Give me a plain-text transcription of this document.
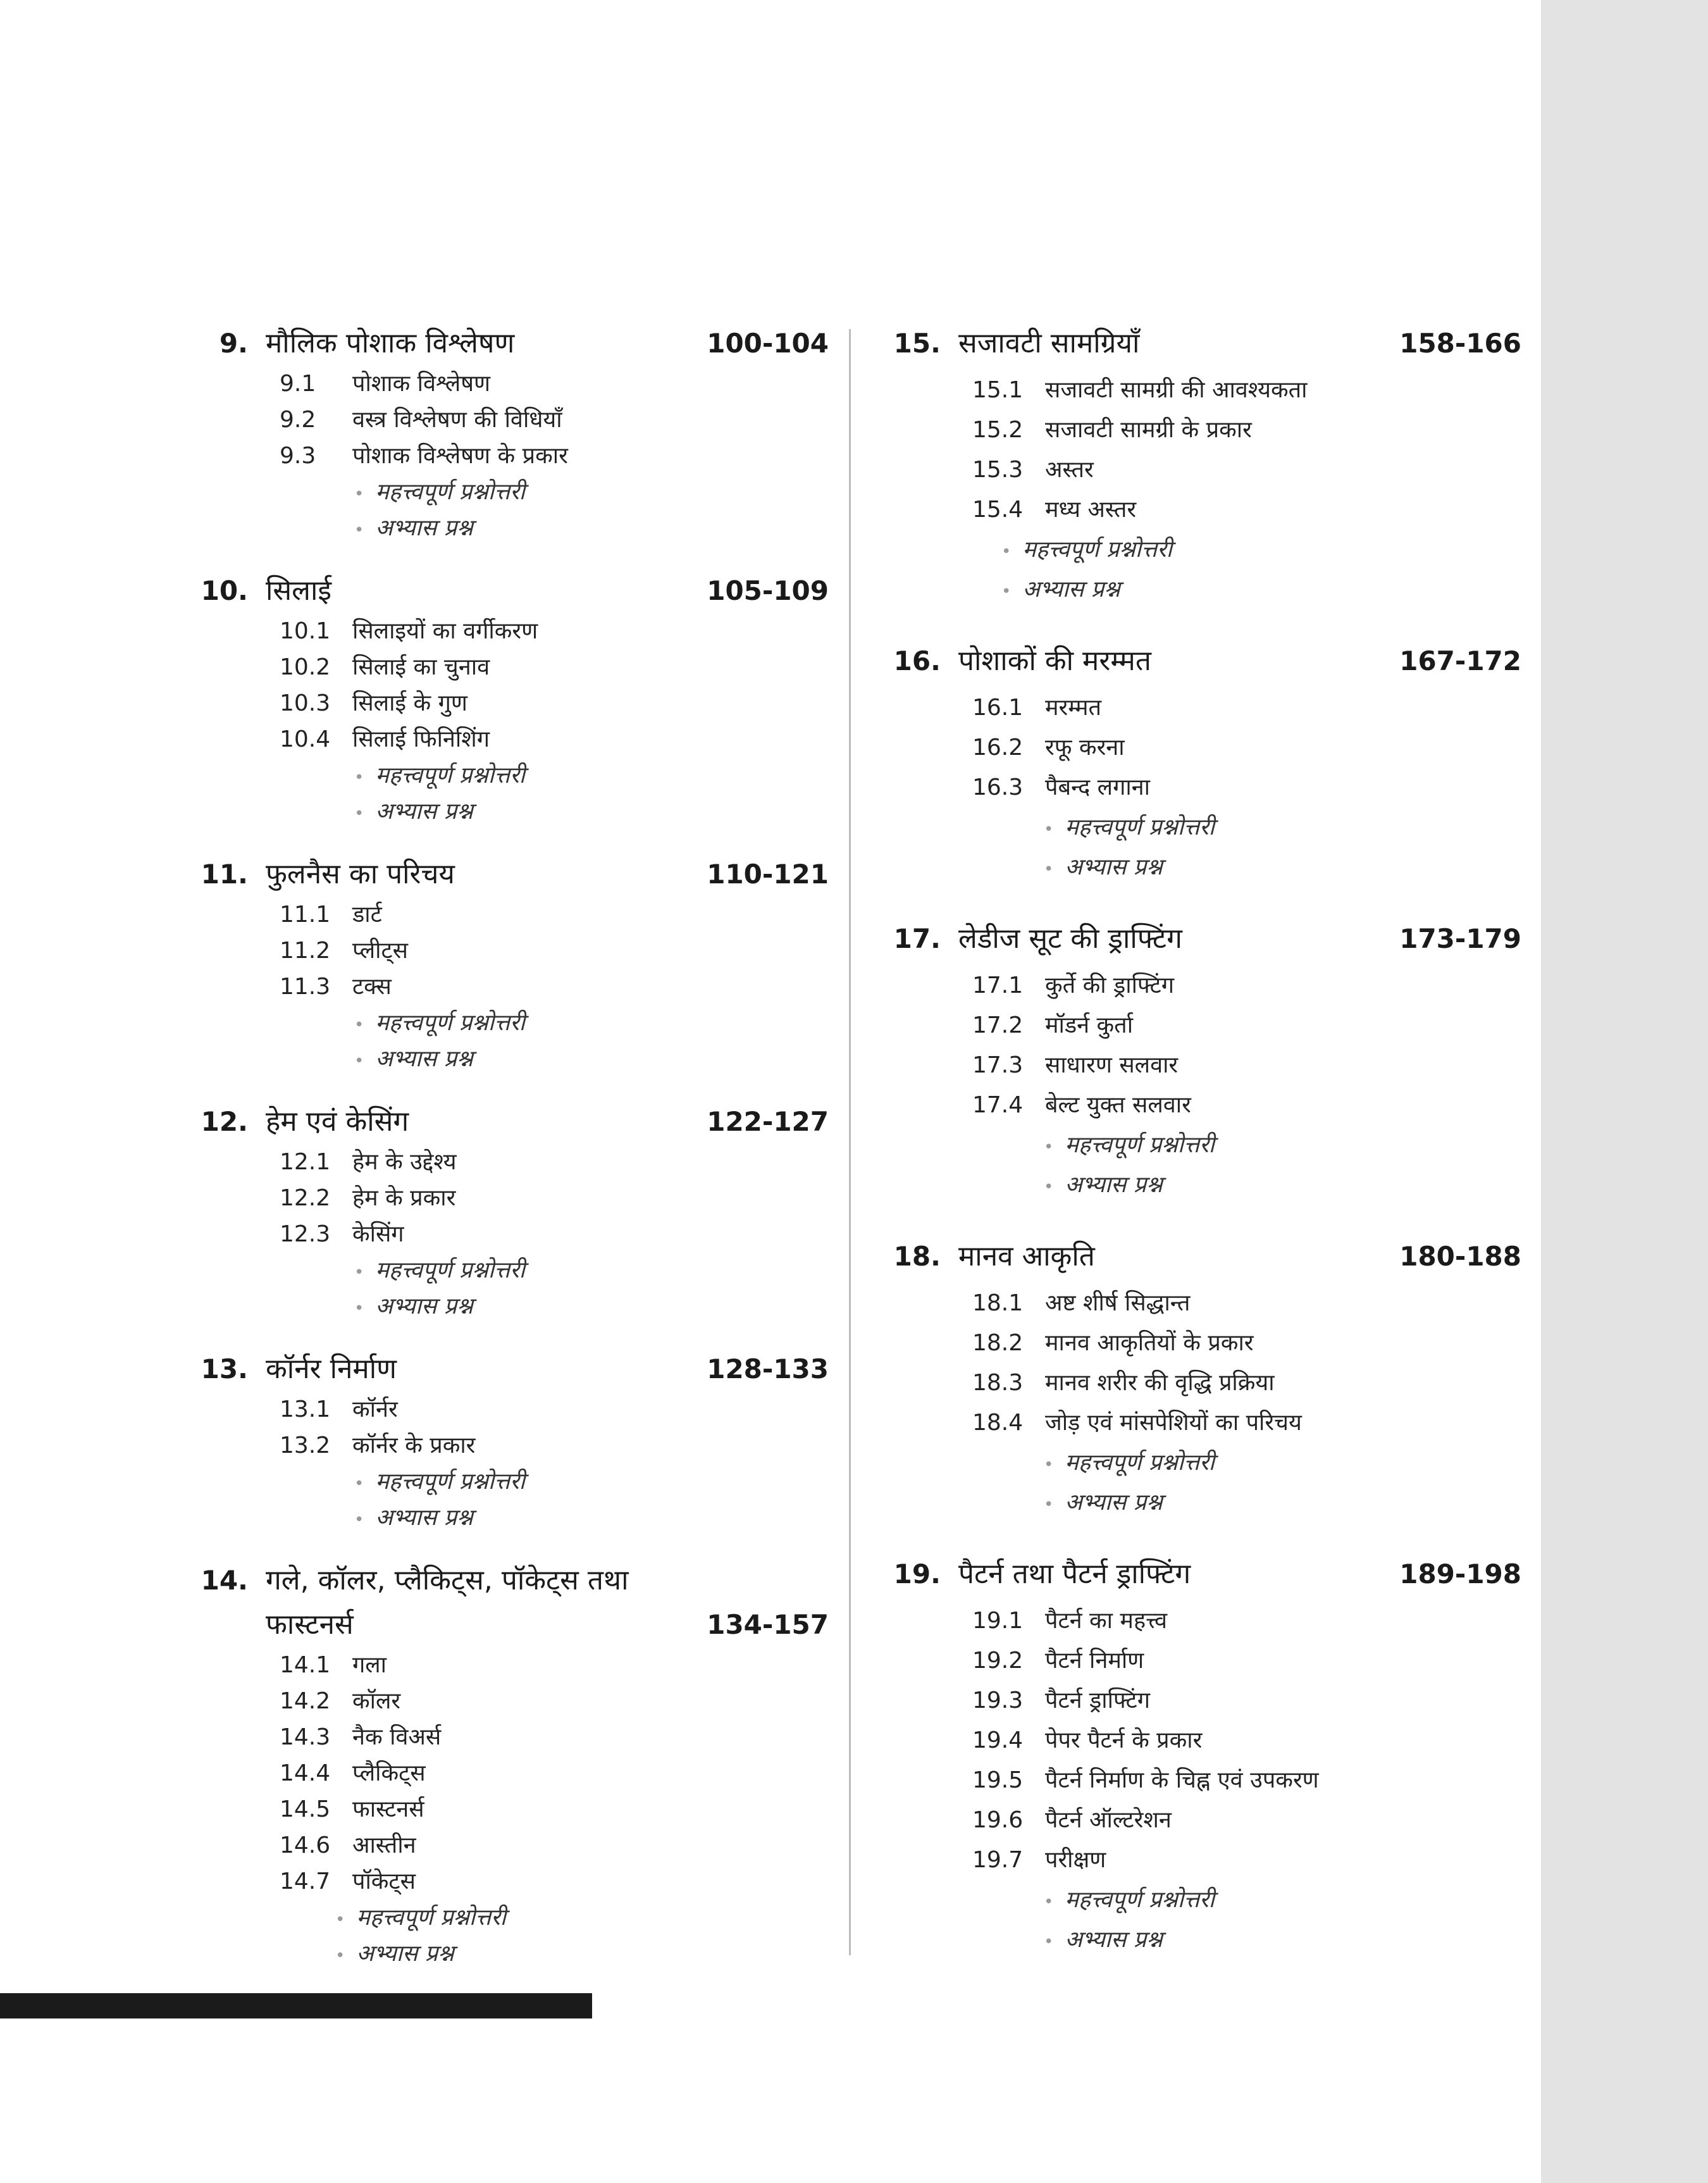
9. मौलिक पोशाक विश्लेषण	100-104
9.1	पोशाक विश्लेषण
9.2	वस्त्र विश्लेषण की विधियाँ
9.3	पोशाक विश्लेषण के प्रकार
• महत्त्वपूर्ण प्रश्नोत्तरी
• अभ्यास प्रश्न
10. सिलाई	105-109
10.1 सिलाइयों का वर्गीकरण
10.2 सिलाई का चुनाव
10.3 सिलाई के गुण
10.4 सिलाई फिनिशिंग
• महत्त्वपूर्ण प्रश्नोत्तरी
• अभ्यास प्रश्न
11. फुलनैस का परिचय	110-121
11.1 डार्ट
11.2 प्लीट्स
11.3 टक्स
• महत्त्वपूर्ण प्रश्नोत्तरी
• अभ्यास प्रश्न
12. हेम एवं केसिंग	122-127
12.1 हेम के उद्देश्य
12.2 हेम के प्रकार
12.3 केसिंग
• महत्त्वपूर्ण प्रश्नोत्तरी
• अभ्यास प्रश्न
13. कॉर्नर निर्माण	128-133
13.1 कॉर्नर
13.2 कॉर्नर के प्रकार
• महत्त्वपूर्ण प्रश्नोत्तरी
• अभ्यास प्रश्न
14. गले, कॉलर, प्लैकिट्स, पॉकेट्स तथा
फास्टनर्स	134-157
14.1 गला
14.2 कॉलर
14.3 नैक विअर्स
14.4 प्लैकिट्स
14.5 फास्टनर्स
14.6 आस्तीन
14.7 पॉकेट्स
• महत्त्वपूर्ण प्रश्नोत्तरी
• अभ्यास प्रश्न
15. सजावटी सामग्रियाँ	158-166
15.1 सजावटी सामग्री की आवश्यकता
15.2 सजावटी सामग्री के प्रकार
15.3 अस्तर
15.4 मध्य अस्तर
• महत्त्वपूर्ण प्रश्नोत्तरी
• अभ्यास प्रश्न
16. पोशाकों की मरम्मत	167-172
16.1 मरम्मत
16.2 रफू करना
16.3 पैबन्द लगाना
• महत्त्वपूर्ण प्रश्नोत्तरी
• अभ्यास प्रश्न
17. लेडीज सूट की ड्राफ्टिंग	173-179
17.1 कुर्ते की ड्राफ्टिंग
17.2 मॉडर्न कुर्ता
17.3 साधारण सलवार
17.4 बेल्ट युक्त सलवार
• महत्त्वपूर्ण प्रश्नोत्तरी
• अभ्यास प्रश्न
18. मानव आकृति	180-188
18.1 अष्ट शीर्ष सिद्धान्त
18.2 मानव आकृतियों के प्रकार
18.3 मानव शरीर की वृद्धि प्रक्रिया
18.4 जोड़ एवं मांसपेशियों का परिचय
• महत्त्वपूर्ण प्रश्नोत्तरी
• अभ्यास प्रश्न
19. पैटर्न तथा पैटर्न ड्राफ्टिंग	189-198
19.1 पैटर्न का महत्त्व
19.2 पैटर्न निर्माण
19.3 पैटर्न ड्राफ्टिंग
19.4 पेपर पैटर्न के प्रकार
19.5 पैटर्न निर्माण के चिह्न एवं उपकरण
19.6 पैटर्न ऑल्टरेशन
19.7 परीक्षण
• महत्त्वपूर्ण प्रश्नोत्तरी
• अभ्यास प्रश्न
